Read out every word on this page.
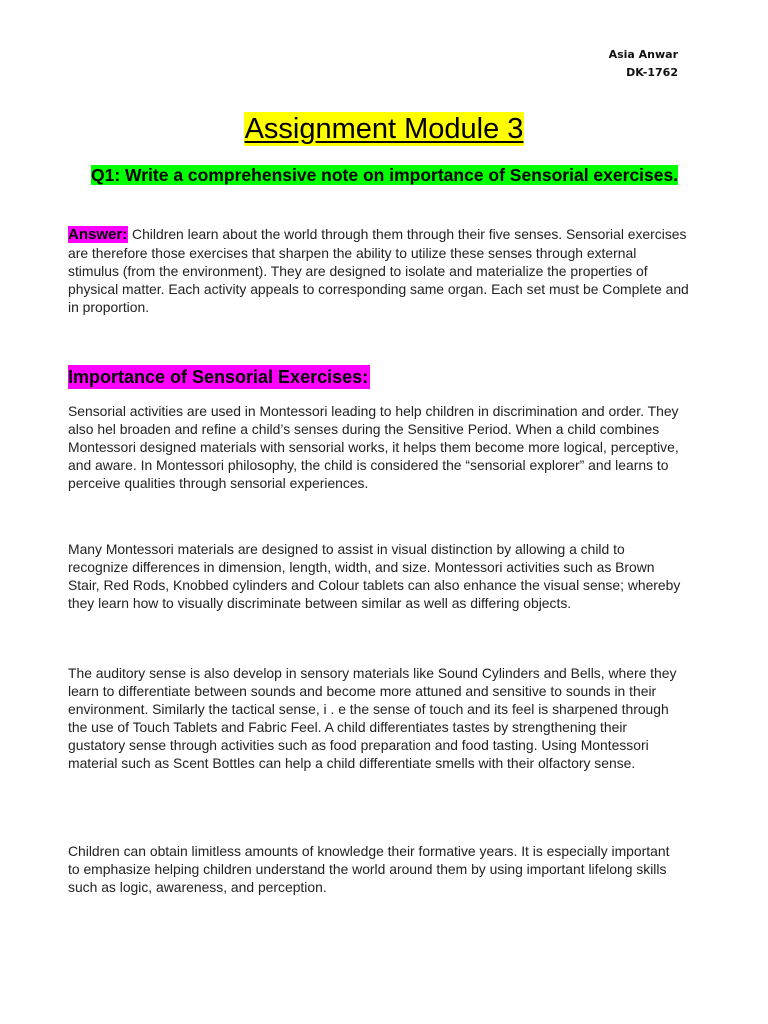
Asia Anwar
DK-1762
Assignment Module 3
Q1: Write a comprehensive note on importance of Sensorial exercises.
Answer: Children learn about the world through them through their five senses. Sensorial exercises are therefore those exercises that sharpen the ability to utilize these senses through external stimulus (from the environment). They are designed to isolate and materialize the properties of physical matter. Each activity appeals to corresponding same organ. Each set must be Complete and in proportion.
Importance of Sensorial Exercises:
Sensorial activities are used in Montessori leading to help children in discrimination and order. They also hel broaden and refine a child’s senses during the Sensitive Period. When a child combines Montessori designed materials with sensorial works, it helps them become more logical, perceptive, and aware. In Montessori philosophy, the child is considered the “sensorial explorer” and learns to perceive qualities through sensorial experiences.
Many Montessori materials are designed to assist in visual distinction by allowing a child to recognize differences in dimension, length, width, and size. Montessori activities such as Brown Stair, Red Rods, Knobbed cylinders and Colour tablets can also enhance the visual sense; whereby they learn how to visually discriminate between similar as well as differing objects.
The auditory sense is also develop in sensory materials like Sound Cylinders and Bells, where they learn to differentiate between sounds and become more attuned and sensitive to sounds in their environment. Similarly the tactical sense, i . e the sense of touch and its feel is sharpened through the use of Touch Tablets and Fabric Feel. A child differentiates tastes by strengthening their gustatory sense through activities such as food preparation and food tasting. Using Montessori material such as Scent Bottles can help a child differentiate smells with their olfactory sense.
Children can obtain limitless amounts of knowledge their formative years. It is especially important to emphasize helping children understand the world around them by using important lifelong skills such as logic, awareness, and perception.
